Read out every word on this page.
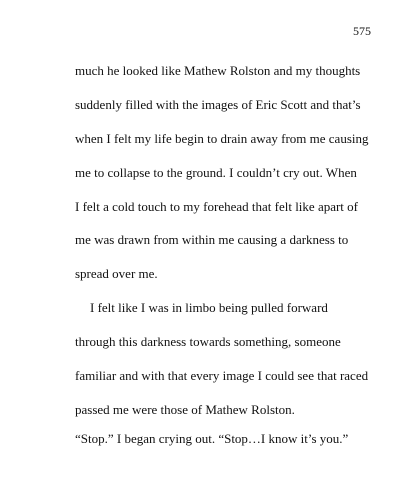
575
much he looked like Mathew Rolston and my thoughts
suddenly filled with the images of Eric Scott and that’s
when I felt my life begin to drain away from me causing
me to collapse to the ground. I couldn’t cry out. When
I felt a cold touch to my forehead that felt like apart of
me was drawn from within me causing a darkness to
spread over me.
I felt like I was in limbo being pulled forward
through this darkness towards something, someone
familiar and with that every image I could see that raced
passed me were those of Mathew Rolston.
“Stop.” I began crying out. “Stop…I know it’s you.”
